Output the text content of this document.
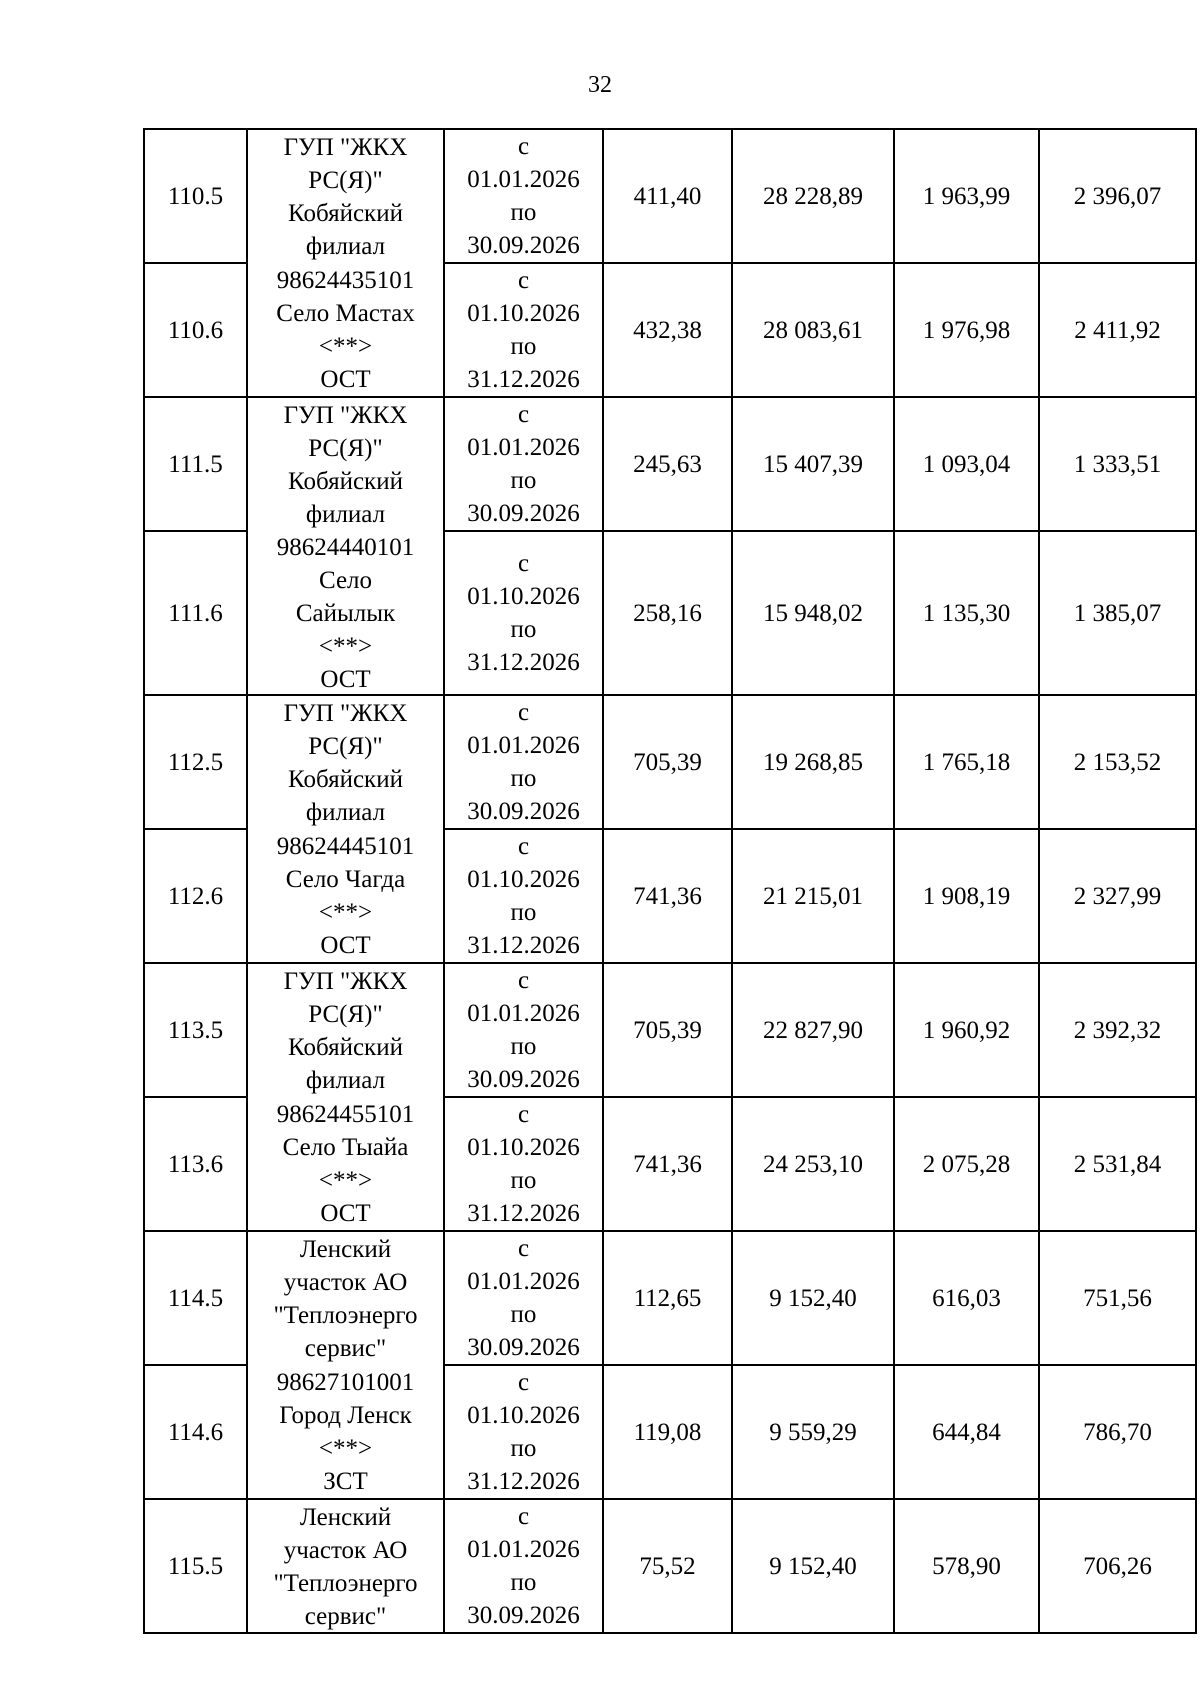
32
110.5	ГУП "ЖКХ
РС(Я)"
Кобяйский
филиал	с
01.01.2026
по
30.09.2026	411,40	28 228,89	1 963,99	2 396,07
110.6	98624435101
Село Мастах
<**>
ОСТ	с
01.10.2026
по
31.12.2026	432,38	28 083,61	1 976,98	2 411,92
111.5	ГУП "ЖКХ
РС(Я)"
Кобяйский
филиал	с
01.01.2026
по
30.09.2026	245,63	15 407,39	1 093,04	1 333,51
111.6	98624440101
Село
Сайылык
<**>
ОСТ	с
01.10.2026
по
31.12.2026	258,16	15 948,02	1 135,30	1 385,07
112.5	ГУП "ЖКХ
РС(Я)"
Кобяйский
филиал	с
01.01.2026
по
30.09.2026	705,39	19 268,85	1 765,18	2 153,52
112.6	98624445101
Село Чагда
<**>
ОСТ	с
01.10.2026
по
31.12.2026	741,36	21 215,01	1 908,19	2 327,99
113.5	ГУП "ЖКХ
РС(Я)"
Кобяйский
филиал	с
01.01.2026
по
30.09.2026	705,39	22 827,90	1 960,92	2 392,32
113.6	98624455101
Село Тыайа
<**>
ОСТ	с
01.10.2026
по
31.12.2026	741,36	24 253,10	2 075,28	2 531,84
114.5	Ленский
участок АО
"Теплоэнерго
сервис"	с
01.01.2026
по
30.09.2026	112,65	9 152,40	616,03	751,56
114.6	98627101001
Город Ленск
<**>
ЗСТ	с
01.10.2026
по
31.12.2026	119,08	9 559,29	644,84	786,70
115.5	Ленский
участок АО
"Теплоэнерго
сервис"	с
01.01.2026
по
30.09.2026	75,52	9 152,40	578,90	706,26
